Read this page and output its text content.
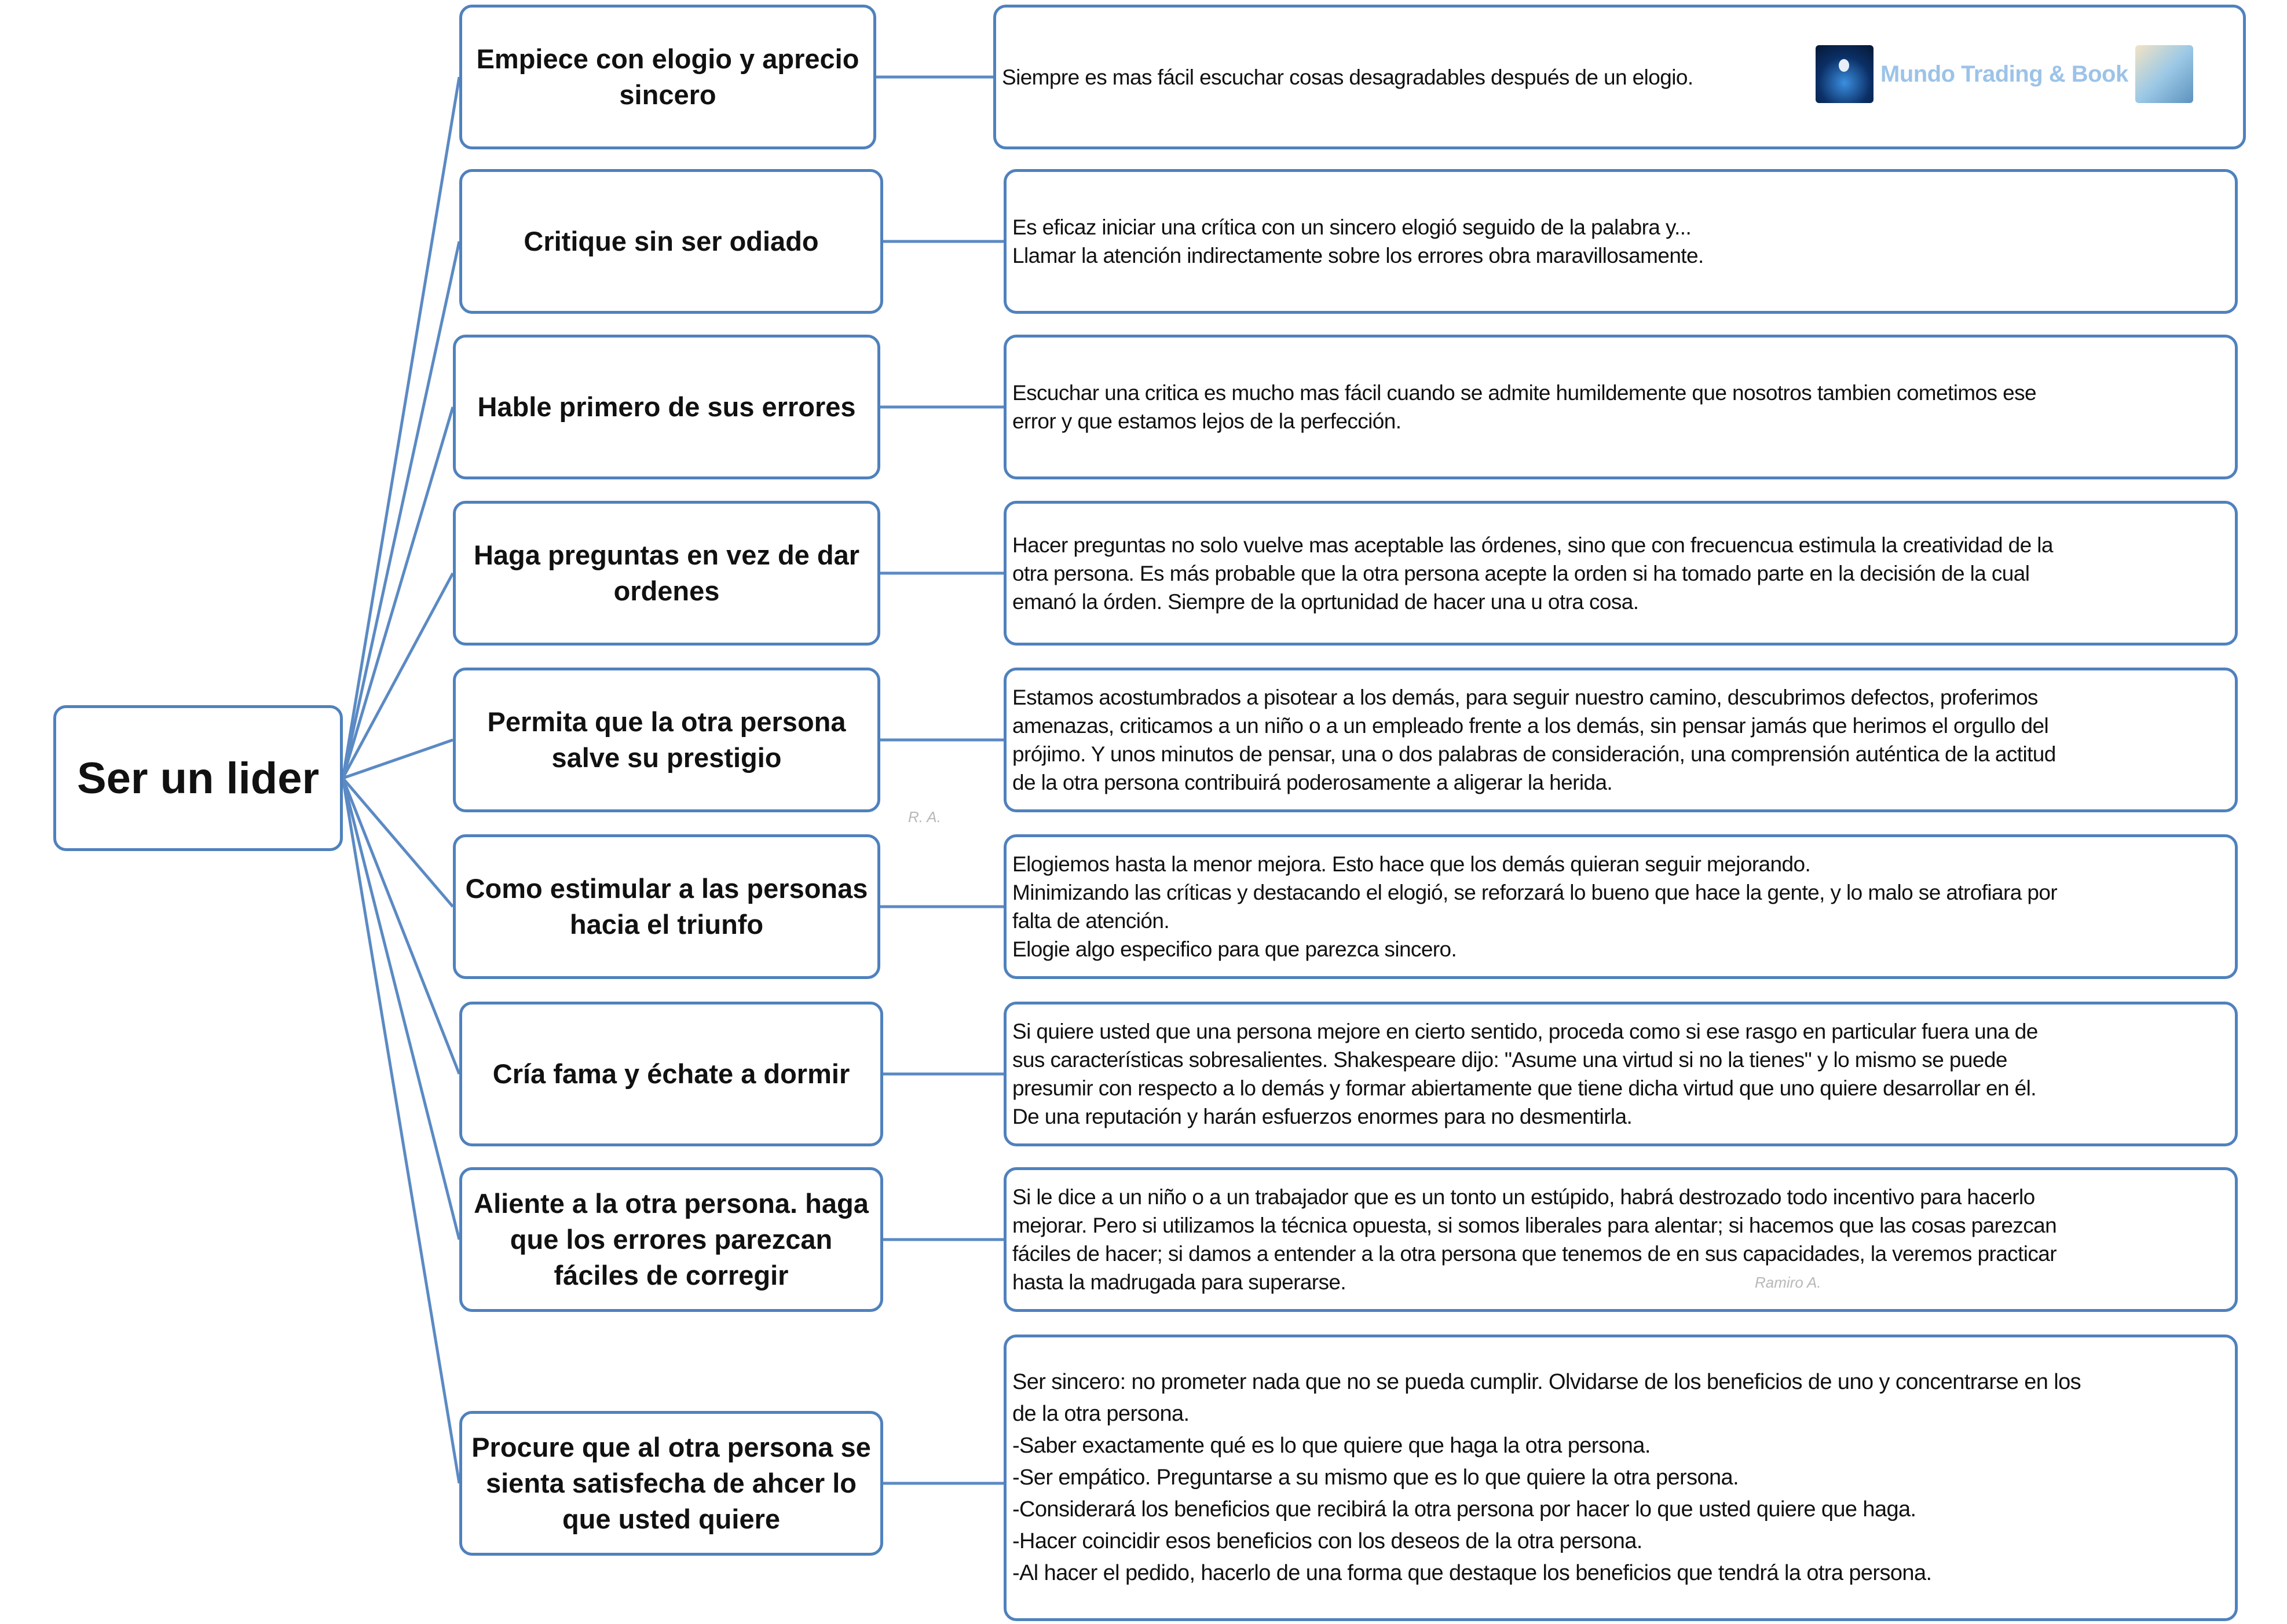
Ser un lider
Empiece con elogio y aprecio sincero
Critique sin ser odiado
Hable primero de sus errores
Haga preguntas en vez de dar ordenes
Permita que la otra persona salve su prestigio
Como estimular a las personas hacia el triunfo
Cría fama y échate a dormir
Aliente a la otra persona. haga que los errores parezcan fáciles de corregir
Procure que al otra persona se sienta satisfecha de ahcer lo que usted quiere
Siempre es mas fácil escuchar cosas desagradables después de un elogio.
Es eficaz iniciar una crítica con un sincero elogió seguido de la palabra y...
Llamar la atención indirectamente sobre los errores obra maravillosamente.
Escuchar una critica es mucho mas fácil cuando se admite humildemente que nosotros tambien cometimos ese
error y que estamos lejos de la perfección.
Hacer preguntas no solo vuelve mas aceptable las órdenes, sino que con frecuencua estimula la creatividad de la
otra persona. Es más probable que la otra persona acepte la orden si ha tomado parte en la decisión de la cual
emanó la órden. Siempre de la oprtunidad de hacer una u otra cosa.
Estamos acostumbrados a pisotear a los demás, para seguir nuestro camino, descubrimos defectos, proferimos
amenazas, criticamos a un niño o a un empleado frente a los demás, sin pensar jamás que herimos el orgullo del
prójimo. Y unos minutos de pensar, una o dos palabras de consideración, una comprensión auténtica de la actitud
de la otra persona contribuirá poderosamente a aligerar la herida.
Elogiemos hasta la menor mejora. Esto hace que los demás quieran seguir mejorando.
Minimizando las críticas y destacando el elogió, se reforzará lo bueno que hace la gente, y lo malo se atrofiara por
falta de atención.
Elogie algo especifico para que parezca sincero.
Si quiere usted que una persona mejore en cierto sentido, proceda como si ese rasgo en particular fuera una de
sus características sobresalientes. Shakespeare dijo: "Asume una virtud si no la tienes" y lo mismo se puede
presumir con respecto a lo demás y formar abiertamente que tiene dicha virtud que uno quiere desarrollar en él.
De una reputación y harán esfuerzos enormes para no desmentirla.
Si le dice a un niño o a un trabajador que es un tonto un estúpido, habrá destrozado todo incentivo para hacerlo
mejorar. Pero si utilizamos la técnica opuesta, si somos liberales para alentar; si hacemos que las cosas parezcan
fáciles de hacer; si damos a entender a la otra persona que tenemos de en sus capacidades, la veremos practicar
hasta la madrugada para superarse.
Ser sincero: no prometer nada que no se pueda cumplir. Olvidarse de los beneficios de uno y concentrarse en los
de la otra persona.
-Saber exactamente qué es lo que quiere que haga la otra persona.
-Ser empático. Preguntarse a su mismo que es lo que quiere la otra persona.
-Considerará los beneficios que recibirá la otra persona por hacer lo que usted quiere que haga.
-Hacer coincidir esos beneficios con los deseos de la otra persona.
-Al hacer el pedido, hacerlo de una forma que destaque los beneficios que tendrá la otra persona.
Mundo Trading & Book
R. A.
Ramiro A.
